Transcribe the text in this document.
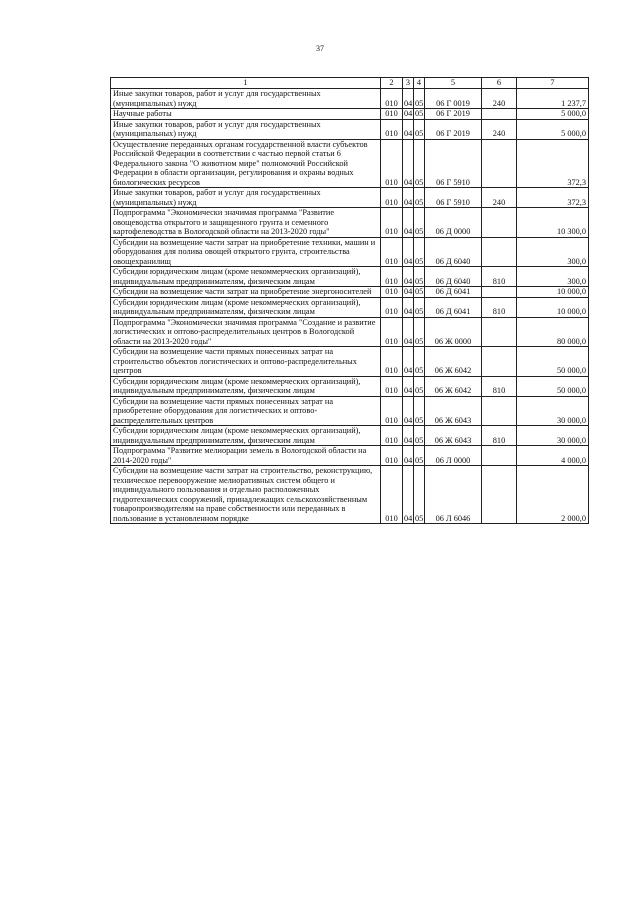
37
1	2	3	4	5	6	7
Иные закупки товаров, работ и услуг для государственных (муниципальных) нужд	010	04	05	06 Г 0019	240	1 237,7
Научные работы	010	04	05	06 Г 2019		5 000,0
Иные закупки товаров, работ и услуг для государственных (муниципальных) нужд	010	04	05	06 Г 2019	240	5 000,0
Осуществление переданных органам государственной власти субъектов Российской Федерации в соответствии с частью первой статьи 6 Федерального закона "О животном мире" полномочий Российской Федерации в области организации, регулирования и охраны водных биологических ресурсов	010	04	05	06 Г 5910		372,3
Иные закупки товаров, работ и услуг для государственных (муниципальных) нужд	010	04	05	06 Г 5910	240	372,3
Подпрограмма "Экономически значимая программа "Развитие овощеводства открытого и защищенного грунта и семенного картофелеводства в Вологодской области на 2013-2020 годы"	010	04	05	06 Д 0000		10 300,0
Субсидии на возмещение части затрат на приобретение техники, машин и оборудования для полива овощей открытого грунта, строительства овощехранилищ	010	04	05	06 Д 6040		300,0
Субсидии юридическим лицам (кроме некоммерческих организаций), индивидуальным предпринимателям, физическим лицам	010	04	05	06 Д 6040	810	300,0
Субсидии на возмещение части затрат на приобретение энергоносителей	010	04	05	06 Д 6041		10 000,0
Субсидии юридическим лицам (кроме некоммерческих организаций), индивидуальным предпринимателям, физическим лицам	010	04	05	06 Д 6041	810	10 000,0
Подпрограмма "Экономически значимая программа "Создание и развитие логистических и оптово-распределительных центров в Вологодской области на 2013-2020 годы"	010	04	05	06 Ж 0000		80 000,0
Субсидии на возмещение части прямых понесенных затрат на строительство объектов логистических и оптово-распределительных центров	010	04	05	06 Ж 6042		50 000,0
Субсидии юридическим лицам (кроме некоммерческих организаций), индивидуальным предпринимателям, физическим лицам	010	04	05	06 Ж 6042	810	50 000,0
Субсидии на возмещение части прямых понесенных затрат на приобретение оборудования для логистических и оптово-распределительных центров	010	04	05	06 Ж 6043		30 000,0
Субсидии юридическим лицам (кроме некоммерческих организаций), индивидуальным предпринимателям, физическим лицам	010	04	05	06 Ж 6043	810	30 000,0
Подпрограмма "Развитие мелиорации земель в Вологодской области на 2014-2020 годы"	010	04	05	06 Л 0000		4 000,0
Субсидии на возмещение части затрат на строительство, реконструкцию, техническое перевооружение мелиоративных систем общего и индивидуального пользования и отдельно расположенных гидротехнических сооружений, принадлежащих сельскохозяйственным товаропроизводителям на праве собственности или переданных в пользование в установленном порядке	010	04	05	06 Л 6046		2 000,0
